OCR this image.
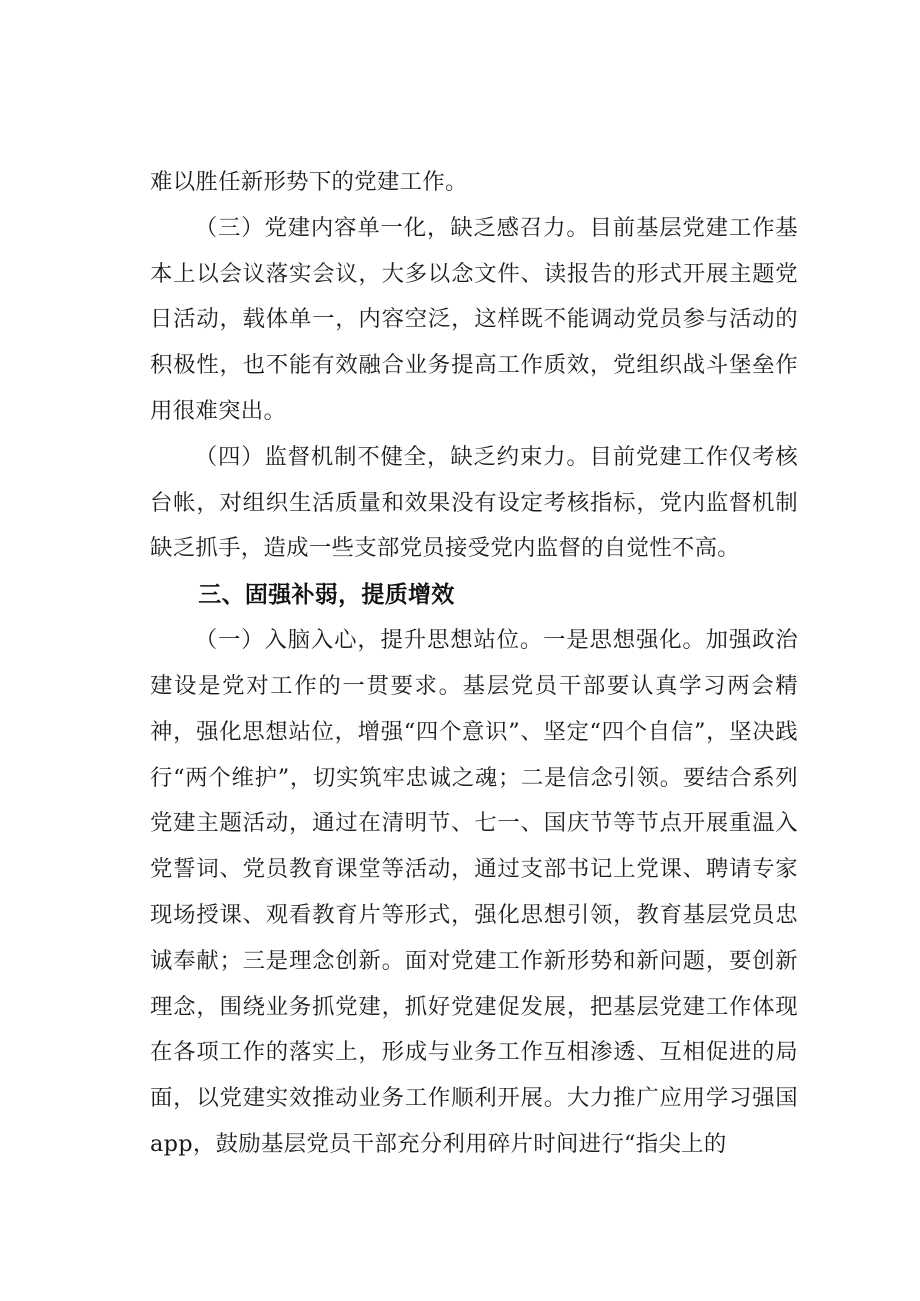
难以胜任新形势下的党建工作。

（三）党建内容单一化，缺乏感召力。目前基层党建工作基本上以会议落实会议，大多以念文件、读报告的形式开展主题党日活动，载体单一，内容空泛，这样既不能调动党员参与活动的积极性，也不能有效融合业务提高工作质效，党组织战斗堡垒作用很难突出。

（四）监督机制不健全，缺乏约束力。目前党建工作仅考核台帐，对组织生活质量和效果没有设定考核指标，党内监督机制缺乏抓手，造成一些支部党员接受党内监督的自觉性不高。

三、固强补弱，提质增效

（一）入脑入心，提升思想站位。一是思想强化。加强政治建设是党对工作的一贯要求。基层党员干部要认真学习两会精神，强化思想站位，增强“四个意识”、坚定“四个自信”，坚决践行“两个维护”，切实筑牢忠诚之魂；二是信念引领。要结合系列党建主题活动，通过在清明节、七一、国庆节等节点开展重温入党誓词、党员教育课堂等活动，通过支部书记上党课、聘请专家现场授课、观看教育片等形式，强化思想引领，教育基层党员忠诚奉献；三是理念创新。面对党建工作新形势和新问题，要创新理念，围绕业务抓党建，抓好党建促发展，把基层党建工作体现在各项工作的落实上，形成与业务工作互相渗透、互相促进的局面，以党建实效推动业务工作顺利开展。大力推广应用学习强国app，鼓励基层党员干部充分利用碎片时间进行“指尖上的
